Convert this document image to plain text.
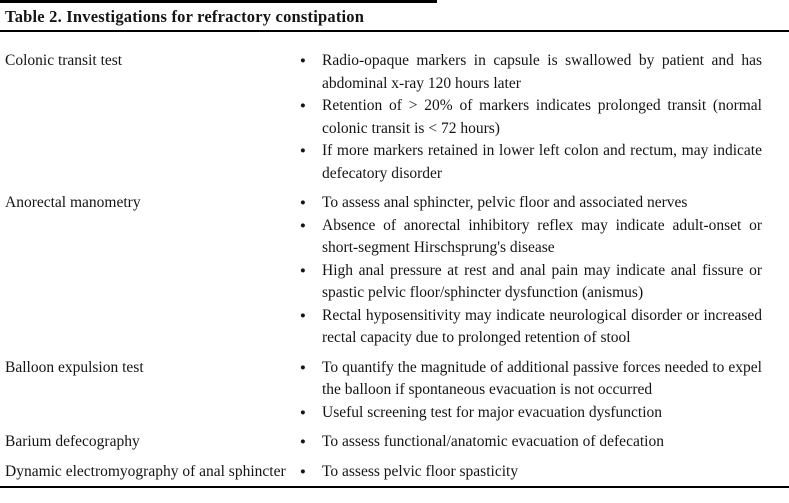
Table 2. Investigations for refractory constipation
Colonic transit test	●	Radio-opaque markers in capsule is swallowed by patient and has abdominal x-ray 120 hours later
●	Retention of > 20% of markers indicates prolonged transit (normal colonic transit is < 72 hours)
●	If more markers retained in lower left colon and rectum, may indicate defecatory disorder
Anorectal manometry	●	To assess anal sphincter, pelvic floor and associated nerves
●	Absence of anorectal inhibitory reflex may indicate adult-onset or short-segment Hirschsprung's disease
●	High anal pressure at rest and anal pain may indicate anal fissure or spastic pelvic floor/sphincter dysfunction (anismus)
●	Rectal hyposensitivity may indicate neurological disorder or increased rectal capacity due to prolonged retention of stool
Balloon expulsion test	●	To quantify the magnitude of additional passive forces needed to expel the balloon if spontaneous evacuation is not occurred
●	Useful screening test for major evacuation dysfunction
Barium defecography	●	To assess functional/anatomic evacuation of defecation
Dynamic electromyography of anal sphincter	●	To assess pelvic floor spasticity
